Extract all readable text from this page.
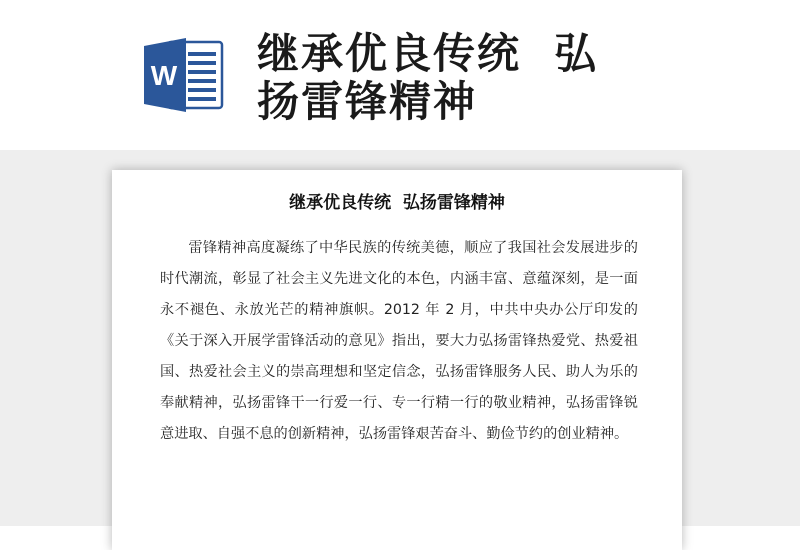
W 继承优良传统  弘
扬雷锋精神
继承优良传统  弘扬雷锋精神

雷锋精神高度凝练了中华民族的传统美德，顺应了我国社会发展进步的时代潮流，彰显了社会主义先进文化的本色，内涵丰富、意蕴深刻，是一面永不褪色、永放光芒的精神旗帜。2012 年 2 月，中共中央办公厅印发的《关于深入开展学雷锋活动的意见》指出，要大力弘扬雷锋热爱党、热爱祖国、热爱社会主义的崇高理想和坚定信念，弘扬雷锋服务人民、助人为乐的奉献精神，弘扬雷锋干一行爱一行、专一行精一行的敬业精神，弘扬雷锋锐意进取、自强不息的创新精神，弘扬雷锋艰苦奋斗、勤俭节约的创业精神。
